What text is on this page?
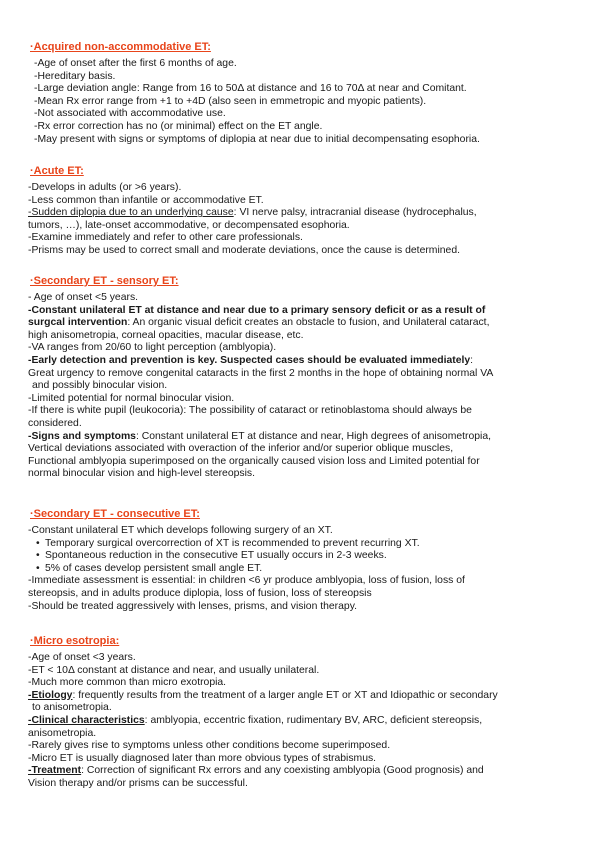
·Acquired non-accommodative ET:
-Age of onset after the first 6 months of age.
-Hereditary basis.
-Large deviation angle: Range from 16 to 50Δ at distance and 16 to 70Δ at near and Comitant.
-Mean Rx error range from +1 to +4D (also seen in emmetropic and myopic patients).
-Not associated with accommodative use.
-Rx error correction has no (or minimal) effect on the ET angle.
-May present with signs or symptoms of diplopia at near due to initial decompensating esophoria.
·Acute ET:
-Develops in adults (or >6 years).
-Less common than infantile or accommodative ET.
-Sudden diplopia due to an underlying cause: VI nerve palsy, intracranial disease (hydrocephalus,
tumors, …), late-onset accommodative, or decompensated esophoria.
-Examine immediately and refer to other care professionals.
-Prisms may be used to correct small and moderate deviations, once the cause is determined.
·Secondary ET - sensory ET:
- Age of onset <5 years.
-Constant unilateral ET at distance and near due to a primary sensory deficit or as a result of
surgcal intervention: An organic visual deficit creates an obstacle to fusion, and Unilateral cataract,
high anisometropia, corneal opacities, macular disease, etc.
-VA ranges from 20/60 to light perception (amblyopia).
-Early detection and prevention is key. Suspected cases should be evaluated immediately:
Great urgency to remove congenital cataracts in the first 2 months in the hope of obtaining normal VA
and possibly binocular vision.
-Limited potential for normal binocular vision.
-If there is white pupil (leukocoria): The possibility of cataract or retinoblastoma should always be
considered.
-Signs and symptoms: Constant unilateral ET at distance and near, High degrees of anisometropia,
Vertical deviations associated with overaction of the inferior and/or superior oblique muscles,
Functional amblyopia superimposed on the organically caused vision loss and Limited potential for
normal binocular vision and high-level stereopsis.
·Secondary ET - consecutive ET:
-Constant unilateral ET which develops following surgery of an XT.
• Temporary surgical overcorrection of XT is recommended to prevent recurring XT.
• Spontaneous reduction in the consecutive ET usually occurs in 2-3 weeks.
• 5% of cases develop persistent small angle ET.
-Immediate assessment is essential: in children <6 yr produce amblyopia, loss of fusion, loss of
stereopsis, and in adults produce diplopia, loss of fusion, loss of stereopsis
-Should be treated aggressively with lenses, prisms, and vision therapy.
·Micro esotropia:
-Age of onset <3 years.
-ET < 10Δ constant at distance and near, and usually unilateral.
-Much more common than micro exotropia.
-Etiology: frequently results from the treatment of a larger angle ET or XT and Idiopathic or secondary
to anisometropia.
-Clinical characteristics: amblyopia, eccentric fixation, rudimentary BV, ARC, deficient stereopsis,
anisometropia.
-Rarely gives rise to symptoms unless other conditions become superimposed.
-Micro ET is usually diagnosed later than more obvious types of strabismus.
-Treatment: Correction of significant Rx errors and any coexisting amblyopia (Good prognosis) and
Vision therapy and/or prisms can be successful.
